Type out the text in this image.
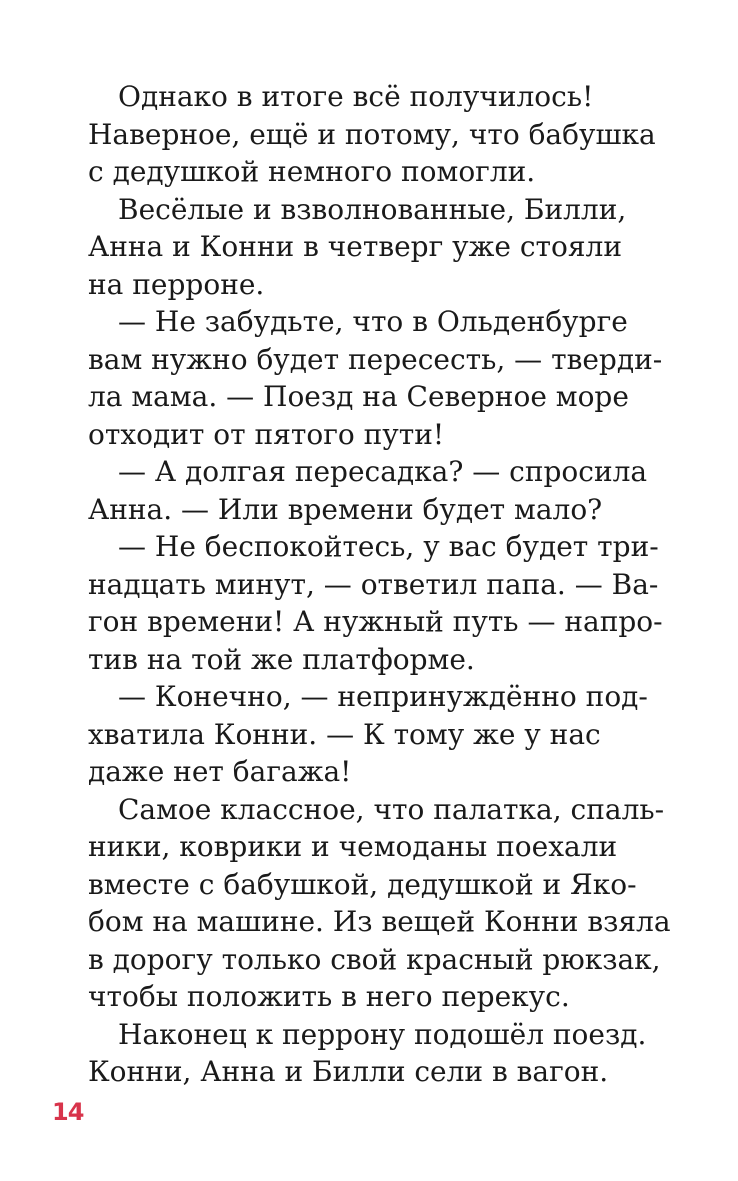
Однако в итоге всё получилось!
Наверное, ещё и потому, что бабушка
с дедушкой немного помогли.

Весёлые и взволнованные, Билли,
Анна и Конни в четверг уже стояли
на перроне.

— Не забудьте, что в Ольденбурге
вам нужно будет пересесть, — тверди-
ла мама. — Поезд на Северное море
отходит от пятого пути!

— А долгая пересадка? — спросила
Анна. — Или времени будет мало?

— Не беспокойтесь, у вас будет три-
надцать минут, — ответил папа. — Ва-
гон времени! А нужный путь — напро-
тив на той же платформе.

— Конечно, — непринуждённо под-
хватила Конни. — К тому же у нас
даже нет багажа!

Самое классное, что палатка, спаль-
ники, коврики и чемоданы поехали
вместе с бабушкой, дедушкой и Яко-
бом на машине. Из вещей Конни взяла
в дорогу только свой красный рюкзак,
чтобы положить в него перекус.

Наконец к перрону подошёл поезд.
Конни, Анна и Билли сели в вагон.

14
